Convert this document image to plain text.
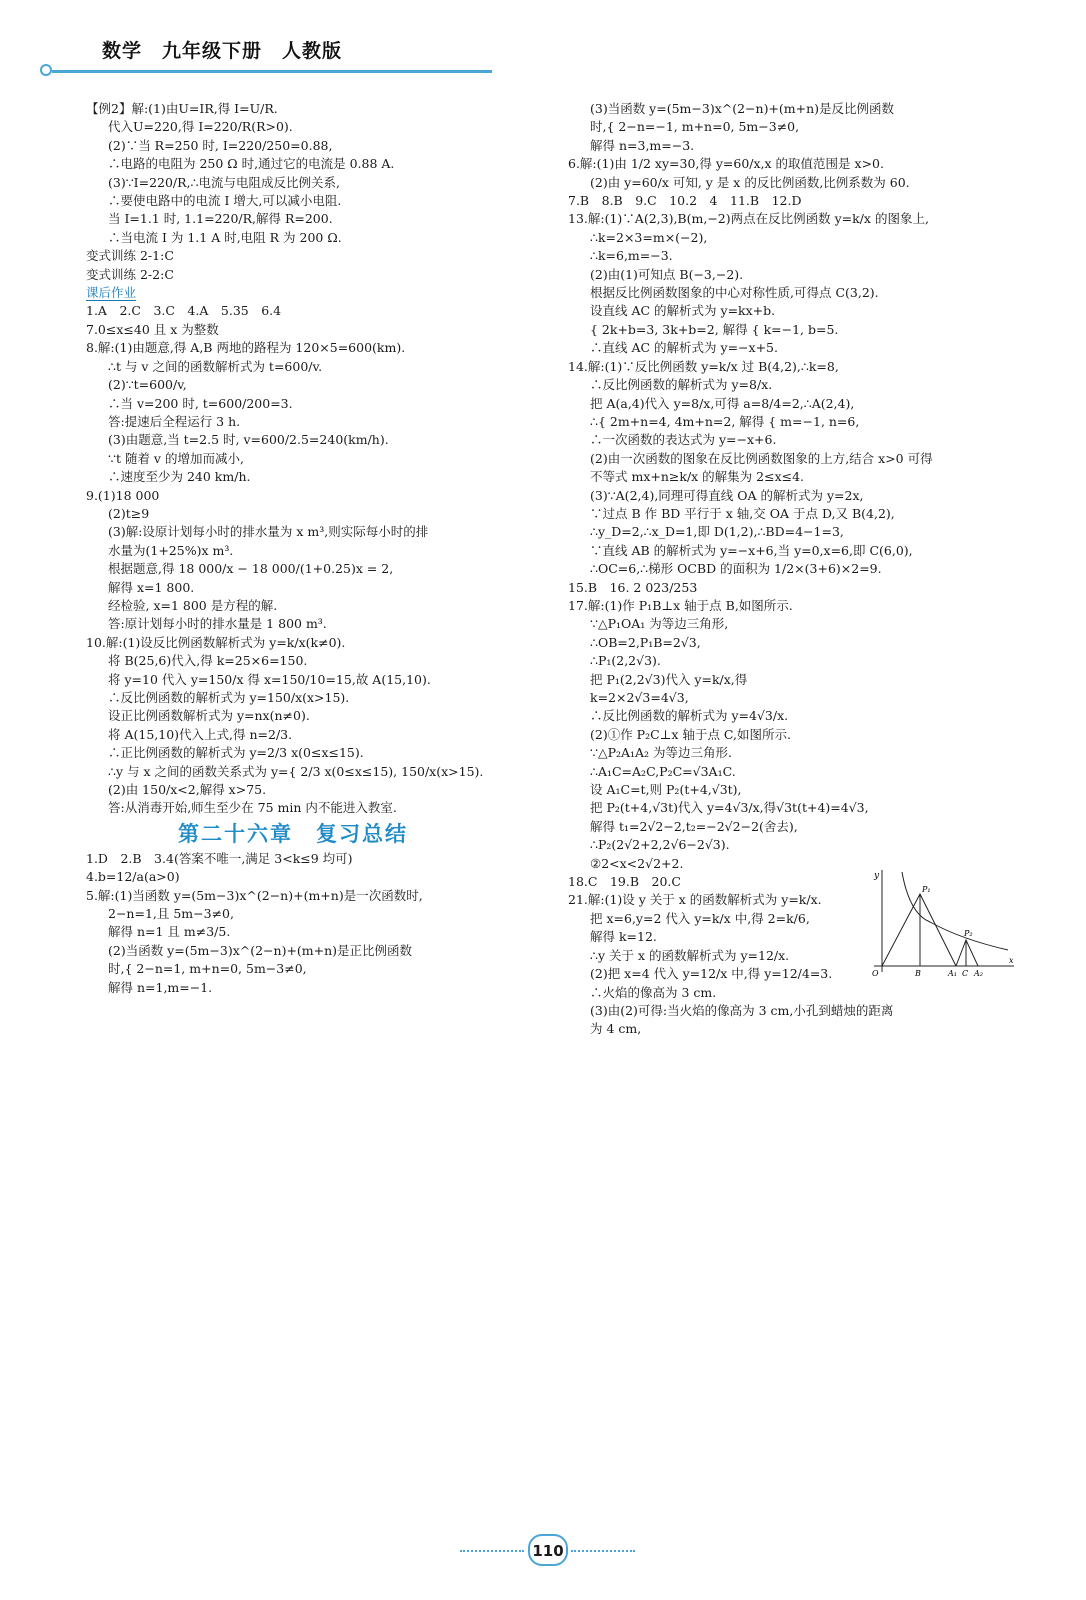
数学　九年级下册　人教版
【例2】解:(1)由U=IR,得 I=U/R.
代入U=220,得 I=220/R(R>0).
(2)∵当 R=250 时, I=220/250=0.88,
∴电路的电阻为 250 Ω 时,通过它的电流是 0.88 A.
(3)∵I=220/R,∴电流与电阻成反比例关系,
∴要使电路中的电流 I 增大,可以减小电阻.
当 I=1.1 时, 1.1=220/R,解得 R=200.
∴当电流 I 为 1.1 A 时,电阻 R 为 200 Ω.
变式训练 2-1:C
变式训练 2-2:C
课后作业
1.A　2.C　3.C　4.A　5.35　6.4
7.0≤x≤40 且 x 为整数
8.解:(1)由题意,得 A,B 两地的路程为 120×5=600(km).
∴t 与 v 之间的函数解析式为 t=600/v.
(2)∵t=600/v,
∴当 v=200 时, t=600/200=3.
答:提速后全程运行 3 h.
(3)由题意,当 t=2.5 时, v=600/2.5=240(km/h).
∵t 随着 v 的增加而减小,
∴速度至少为 240 km/h.
9.(1)18 000
(2)t≥9
(3)解:设原计划每小时的排水量为 x m³,则实际每小时的排
水量为(1+25%)x m³.
根据题意,得 18 000/x − 18 000/(1+0.25)x = 2,
解得 x=1 800.
经检验, x=1 800 是方程的解.
答:原计划每小时的排水量是 1 800 m³.
10.解:(1)设反比例函数解析式为 y=k/x(k≠0).
将 B(25,6)代入,得 k=25×6=150.
将 y=10 代入 y=150/x 得 x=150/10=15,故 A(15,10).
∴反比例函数的解析式为 y=150/x(x>15).
设正比例函数解析式为 y=nx(n≠0).
将 A(15,10)代入上式,得 n=2/3.
∴正比例函数的解析式为 y=2/3 x(0≤x≤15).
∴y 与 x 之间的函数关系式为 y={ 2/3 x(0≤x≤15), 150/x(x>15).
(2)由 150/x<2,解得 x>75.
答:从消毒开始,师生至少在 75 min 内不能进入教室.
第二十六章　复习总结
1.D　2.B　3.4(答案不唯一,满足 3<k≤9 均可)
4.b=12/a(a>0)
5.解:(1)当函数 y=(5m−3)x^(2−n)+(m+n)是一次函数时,
2−n=1,且 5m−3≠0,
解得 n=1 且 m≠3/5.
(2)当函数 y=(5m−3)x^(2−n)+(m+n)是正比例函数
时,{ 2−n=1, m+n=0, 5m−3≠0,
解得 n=1,m=−1.
(3)当函数 y=(5m−3)x^(2−n)+(m+n)是反比例函数
时,{ 2−n=−1, m+n=0, 5m−3≠0,
解得 n=3,m=−3.
6.解:(1)由 1/2 xy=30,得 y=60/x,x 的取值范围是 x>0.
(2)由 y=60/x 可知, y 是 x 的反比例函数,比例系数为 60.
7.B　8.B　9.C　10.2　4　11.B　12.D
13.解:(1)∵A(2,3),B(m,−2)两点在反比例函数 y=k/x 的图象上,
∴k=2×3=m×(−2),
∴k=6,m=−3.
(2)由(1)可知点 B(−3,−2).
根据反比例函数图象的中心对称性质,可得点 C(3,2).
设直线 AC 的解析式为 y=kx+b.
{ 2k+b=3, 3k+b=2, 解得 { k=−1, b=5.
∴直线 AC 的解析式为 y=−x+5.
14.解:(1)∵反比例函数 y=k/x 过 B(4,2),∴k=8,
∴反比例函数的解析式为 y=8/x.
把 A(a,4)代入 y=8/x,可得 a=8/4=2,∴A(2,4),
∴{ 2m+n=4, 4m+n=2, 解得 { m=−1, n=6,
∴一次函数的表达式为 y=−x+6.
(2)由一次函数的图象在反比例函数图象的上方,结合 x>0 可得
不等式 mx+n≥k/x 的解集为 2≤x≤4.
(3)∵A(2,4),同理可得直线 OA 的解析式为 y=2x,
∵过点 B 作 BD 平行于 x 轴,交 OA 于点 D,又 B(4,2),
∴y_D=2,∴x_D=1,即 D(1,2),∴BD=4−1=3,
∵直线 AB 的解析式为 y=−x+6,当 y=0,x=6,即 C(6,0),
∴OC=6,∴梯形 OCBD 的面积为 1/2×(3+6)×2=9.
15.B　16. 2 023/253
17.解:(1)作 P₁B⊥x 轴于点 B,如图所示.
∵△P₁OA₁ 为等边三角形,
∴OB=2,P₁B=2√3,
∴P₁(2,2√3).
把 P₁(2,2√3)代入 y=k/x,得
k=2×2√3=4√3,
∴反比例函数的解析式为 y=4√3/x.
(2)①作 P₂C⊥x 轴于点 C,如图所示.
∵△P₂A₁A₂ 为等边三角形.
∴A₁C=A₂C,P₂C=√3A₁C.
设 A₁C=t,则 P₂(t+4,√3t),
把 P₂(t+4,√3t)代入 y=4√3/x,得√3t(t+4)=4√3,
解得 t₁=2√2−2,t₂=−2√2−2(舍去),
∴P₂(2√2+2,2√6−2√3).
②2<x<2√2+2.
18.C　19.B　20.C
21.解:(1)设 y 关于 x 的函数解析式为 y=k/x.
把 x=6,y=2 代入 y=k/x 中,得 2=k/6,
解得 k=12.
∴y 关于 x 的函数解析式为 y=12/x.
(2)把 x=4 代入 y=12/x 中,得 y=12/4=3.
∴火焰的像高为 3 cm.
(3)由(2)可得:当火焰的像高为 3 cm,小孔到蜡烛的距离
为 4 cm,
y
P₁
P₂
O	B	A₁ C A₂
x
110
